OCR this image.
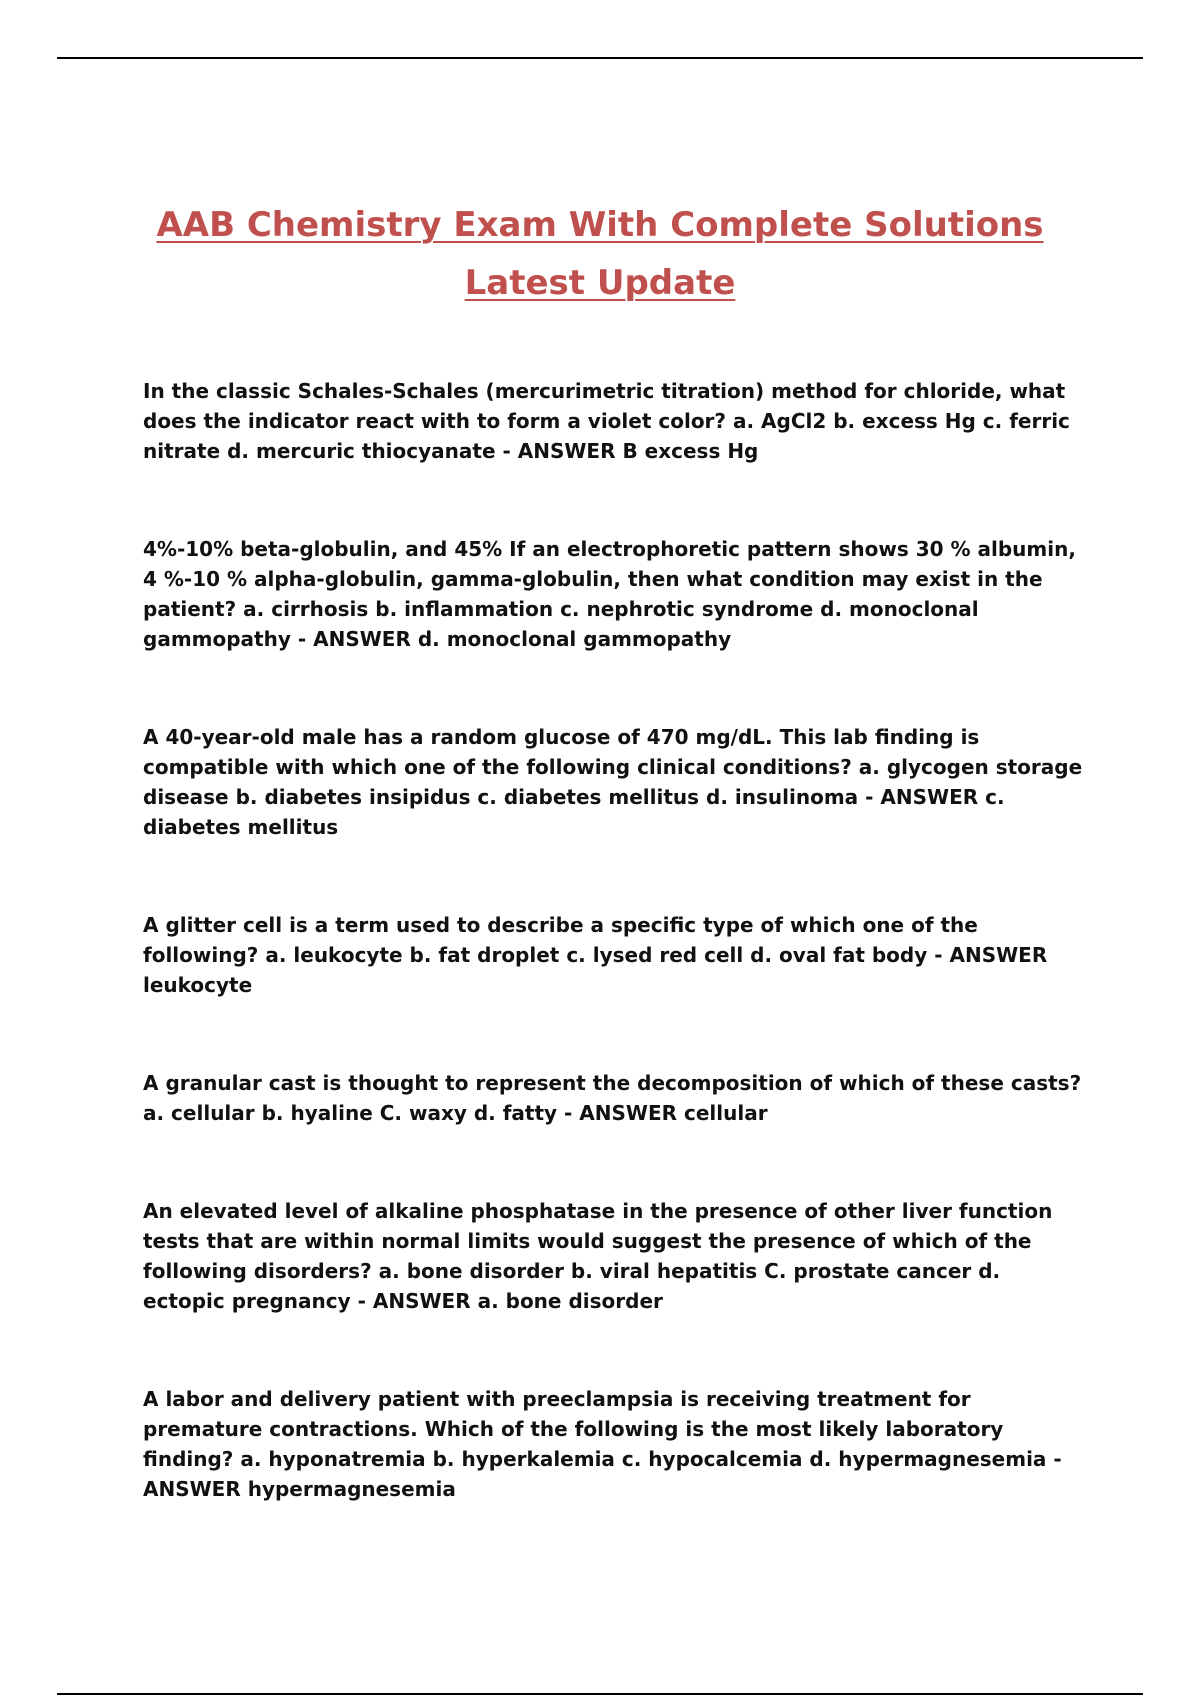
AAB Chemistry Exam With Complete Solutions
Latest Update

In the classic Schales-Schales (mercurimetric titration) method for chloride, what does the indicator react with to form a violet color? a. AgCl2 b. excess Hg c. ferric nitrate d. mercuric thiocyanate - ANSWER B excess Hg

4%-10% beta-globulin, and 45% If an electrophoretic pattern shows 30 % albumin, 4 %-10 % alpha-globulin, gamma-globulin, then what condition may exist in the patient? a. cirrhosis b. inflammation c. nephrotic syndrome d. monoclonal gammopathy - ANSWER d. monoclonal gammopathy

A 40-year-old male has a random glucose of 470 mg/dL. This lab finding is compatible with which one of the following clinical conditions? a. glycogen storage disease b. diabetes insipidus c. diabetes mellitus d. insulinoma - ANSWER c. diabetes mellitus

A glitter cell is a term used to describe a specific type of which one of the following? a. leukocyte b. fat droplet c. lysed red cell d. oval fat body - ANSWER leukocyte

A granular cast is thought to represent the decomposition of which of these casts? a. cellular b. hyaline C. waxy d. fatty - ANSWER cellular

An elevated level of alkaline phosphatase in the presence of other liver function tests that are within normal limits would suggest the presence of which of the following disorders? a. bone disorder b. viral hepatitis C. prostate cancer d. ectopic pregnancy - ANSWER a. bone disorder

A labor and delivery patient with preeclampsia is receiving treatment for premature contractions. Which of the following is the most likely laboratory finding? a. hyponatremia b. hyperkalemia c. hypocalcemia d. hypermagnesemia - ANSWER hypermagnesemia
